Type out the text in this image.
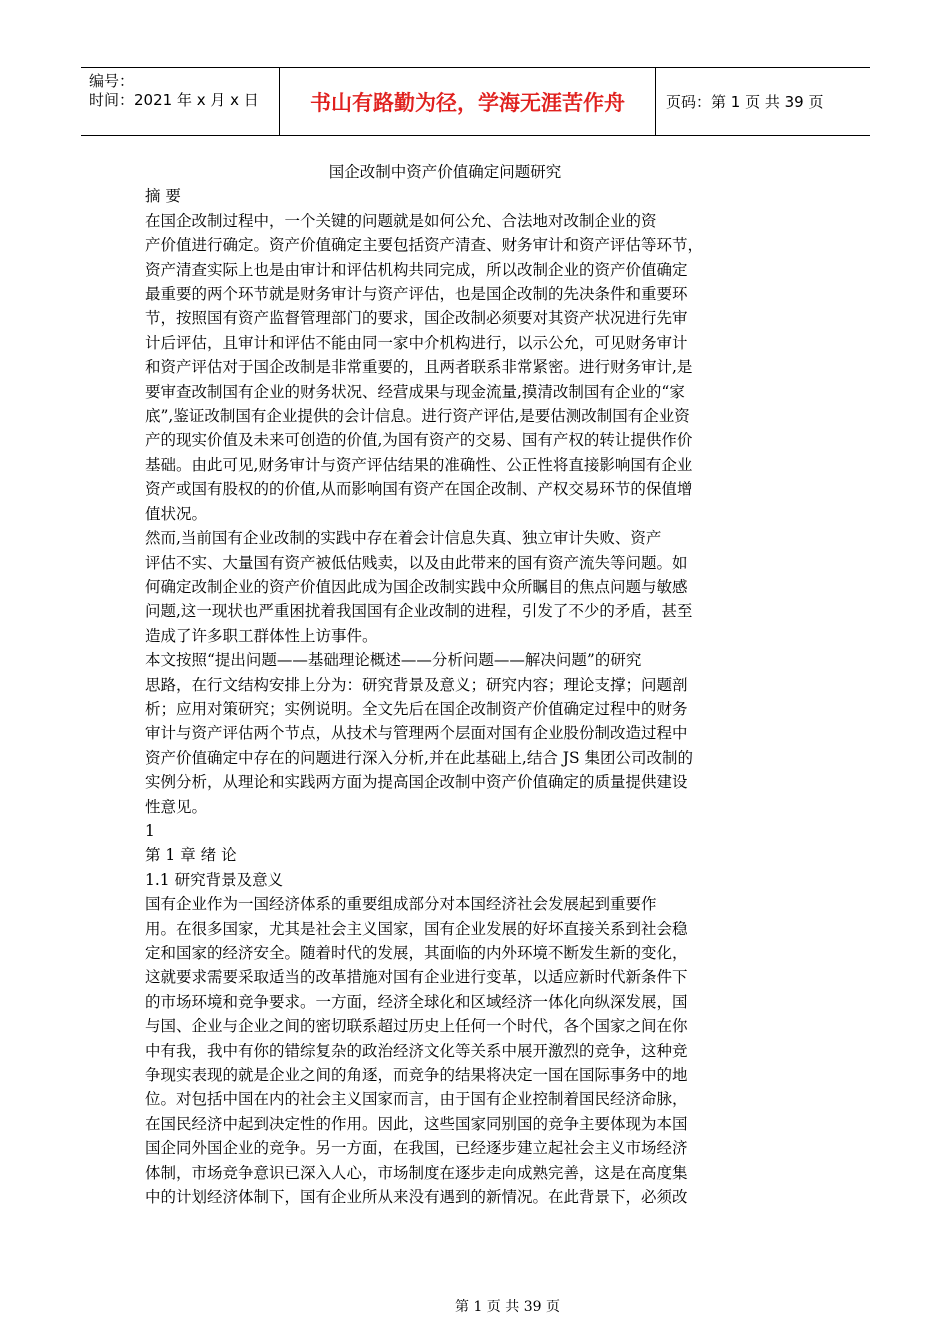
编号：
时间：2021 年 x 月 x 日	书山有路勤为径，学海无涯苦作舟	页码：第 1 页 共 39 页

国企改制中资产价值确定问题研究

摘 要

在国企改制过程中，一个关键的问题就是如何公允、合法地对改制企业的资

产价值进行确定。资产价值确定主要包括资产清查、财务审计和资产评估等环节，

资产清查实际上也是由审计和评估机构共同完成，所以改制企业的资产价值确定

最重要的两个环节就是财务审计与资产评估，也是国企改制的先决条件和重要环

节，按照国有资产监督管理部门的要求，国企改制必须要对其资产状况进行先审

计后评估，且审计和评估不能由同一家中介机构进行，以示公允，可见财务审计

和资产评估对于国企改制是非常重要的，且两者联系非常紧密。进行财务审计,是

要审查改制国有企业的财务状况、经营成果与现金流量,摸清改制国有企业的“家

底”,鉴证改制国有企业提供的会计信息。进行资产评估,是要估测改制国有企业资

产的现实价值及未来可创造的价值,为国有资产的交易、国有产权的转让提供作价

基础。由此可见,财务审计与资产评估结果的准确性、公正性将直接影响国有企业

资产或国有股权的的价值,从而影响国有资产在国企改制、产权交易环节的保值增

值状况。

然而,当前国有企业改制的实践中存在着会计信息失真、独立审计失败、资产

评估不实、大量国有资产被低估贱卖，以及由此带来的国有资产流失等问题。如

何确定改制企业的资产价值因此成为国企改制实践中众所瞩目的焦点问题与敏感

问题,这一现状也严重困扰着我国国有企业改制的进程，引发了不少的矛盾，甚至

造成了许多职工群体性上访事件。

本文按照“提出问题——基础理论概述——分析问题——解决问题”的研究

思路，在行文结构安排上分为：研究背景及意义；研究内容；理论支撑；问题剖

析；应用对策研究；实例说明。全文先后在国企改制资产价值确定过程中的财务

审计与资产评估两个节点，从技术与管理两个层面对国有企业股份制改造过程中

资产价值确定中存在的问题进行深入分析,并在此基础上,结合 JS 集团公司改制的

实例分析，从理论和实践两方面为提高国企改制中资产价值确定的质量提供建设

性意见。

1

第 1 章 绪 论

1.1 研究背景及意义

国有企业作为一国经济体系的重要组成部分对本国经济社会发展起到重要作

用。在很多国家，尤其是社会主义国家，国有企业发展的好坏直接关系到社会稳

定和国家的经济安全。随着时代的发展，其面临的内外环境不断发生新的变化，

这就要求需要采取适当的改革措施对国有企业进行变革，以适应新时代新条件下

的市场环境和竞争要求。一方面，经济全球化和区域经济一体化向纵深发展，国

与国、企业与企业之间的密切联系超过历史上任何一个时代，各个国家之间在你

中有我，我中有你的错综复杂的政治经济文化等关系中展开激烈的竞争，这种竞

争现实表现的就是企业之间的角逐，而竞争的结果将决定一国在国际事务中的地

位。对包括中国在内的社会主义国家而言，由于国有企业控制着国民经济命脉，

在国民经济中起到决定性的作用。因此，这些国家同别国的竞争主要体现为本国

国企同外国企业的竞争。另一方面，在我国，已经逐步建立起社会主义市场经济

体制，市场竞争意识已深入人心，市场制度在逐步走向成熟完善，这是在高度集

中的计划经济体制下，国有企业所从来没有遇到的新情况。在此背景下，必须改

第 1 页 共 39 页
